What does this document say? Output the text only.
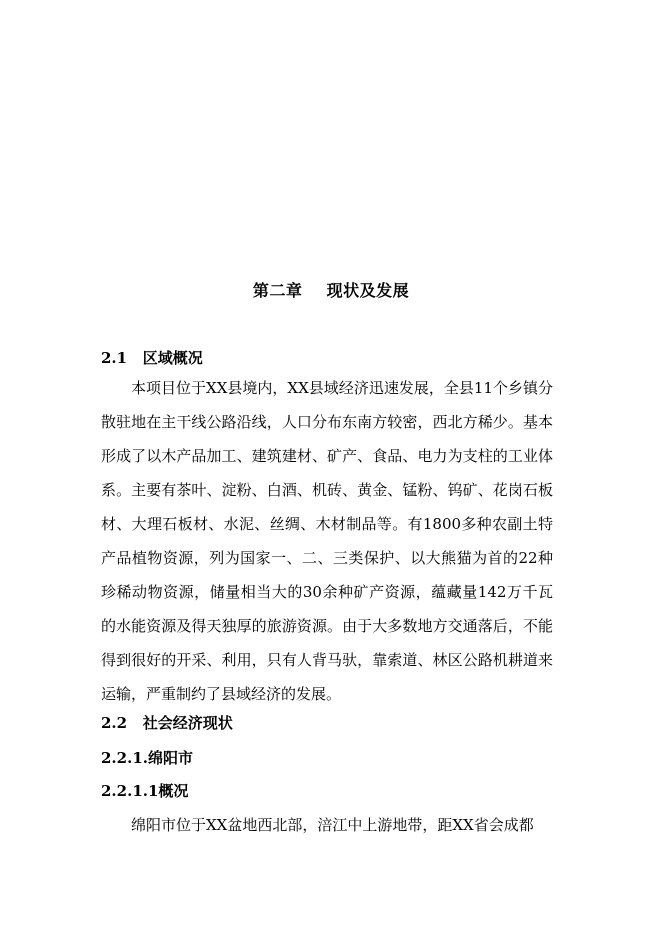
第二章    现状及发展
2.1   区域概况

本项目位于XX县境内，XX县域经济迅速发展，全县11个乡镇分散驻地在主干线公路沿线，人口分布东南方较密，西北方稀少。基本形成了以木产品加工、建筑建材、矿产、食品、电力为支柱的工业体系。主要有茶叶、淀粉、白酒、机砖、黄金、锰粉、钨矿、花岗石板材、大理石板材、水泥、丝绸、木材制品等。有1800多种农副土特产品植物资源，列为国家一、二、三类保护、以大熊猫为首的22种珍稀动物资源，储量相当大的30余种矿产资源，蕴藏量142万千瓦的水能资源及得天独厚的旅游资源。由于大多数地方交通落后，不能得到很好的开采、利用，只有人背马驮，靠索道、林区公路机耕道来运输，严重制约了县域经济的发展。

2.2   社会经济现状
2.2.1.绵阳市
2.2.1.1概况
绵阳市位于XX盆地西北部，涪江中上游地带，距XX省会成都
